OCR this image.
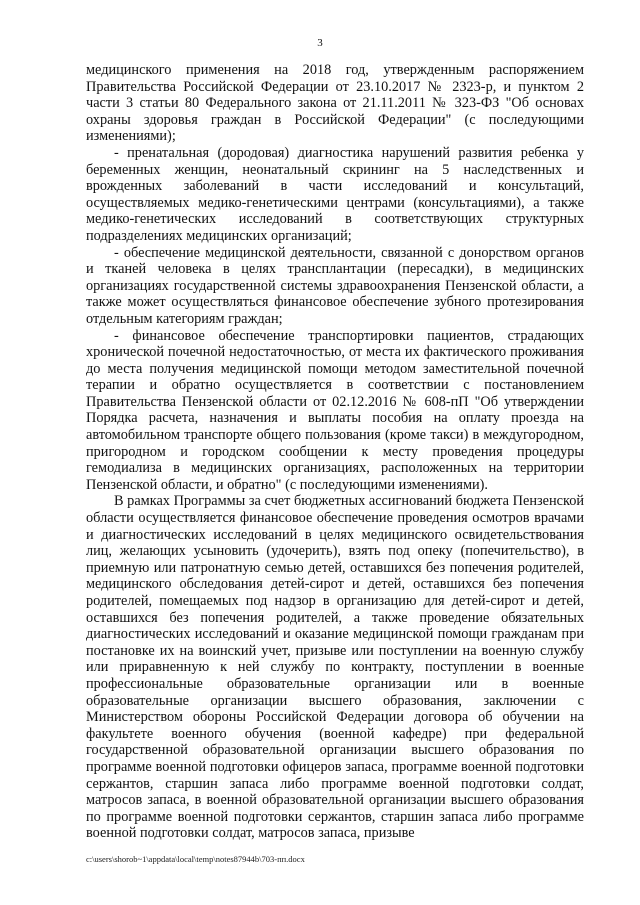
3

медицинского применения на 2018 год, утвержденным распоряжением Правительства Российской Федерации от 23.10.2017 № 2323-р, и пунктом 2 части 3 статьи 80 Федерального закона от 21.11.2011 № 323-ФЗ "Об основах охраны здоровья граждан в Российской Федерации" (с последующими изменениями);

- пренатальная (дородовая) диагностика нарушений развития ребенка у беременных женщин, неонатальный скрининг на 5 наследственных и врожденных заболеваний в части исследований и консультаций, осуществляемых медико-генетическими центрами (консультациями), а также медико-генетических исследований в соответствующих структурных подразделениях медицинских организаций;

- обеспечение медицинской деятельности, связанной с донорством органов и тканей человека в целях трансплантации (пересадки), в медицинских организациях государственной системы здравоохранения Пензенской области, а также может осуществляться финансовое обеспечение зубного протезирования отдельным категориям граждан;

- финансовое обеспечение транспортировки пациентов, страдающих хронической почечной недостаточностью, от места их фактического проживания до места получения медицинской помощи методом заместительной почечной терапии и обратно осуществляется в соответствии с постановлением Правительства Пензенской области от 02.12.2016 № 608-пП "Об утверждении Порядка расчета, назначения и выплаты пособия на оплату проезда на автомобильном транспорте общего пользования (кроме такси) в междугородном, пригородном и городском сообщении к месту проведения процедуры гемодиализа в медицинских организациях, расположенных на территории Пензенской области, и обратно" (с последующими изменениями).

В рамках Программы за счет бюджетных ассигнований бюджета Пензенской области осуществляется финансовое обеспечение проведения осмотров врачами и диагностических исследований в целях медицинского освидетельствования лиц, желающих усыновить (удочерить), взять под опеку (попечительство), в приемную или патронатную семью детей, оставшихся без попечения родителей, медицинского обследования детей-сирот и детей, оставшихся без попечения родителей, помещаемых под надзор в организацию для детей-сирот и детей, оставшихся без попечения родителей, а также проведение обязательных диагностических исследований и оказание медицинской помощи гражданам при постановке их на воинский учет, призыве или поступлении на военную службу или приравненную к ней службу по контракту, поступлении в военные профессиональные образовательные организации или в военные образовательные организации высшего образования, заключении с Министерством обороны Российской Федерации договора об обучении на факультете военного обучения (военной кафедре) при федеральной государственной образовательной организации высшего образования по программе военной подготовки офицеров запаса, программе военной подготовки сержантов, старшин запаса либо программе военной подготовки солдат, матросов запаса, в военной образовательной организации высшего образования по программе военной подготовки сержантов, старшин запаса либо программе военной подготовки солдат, матросов запаса, призыве

c:\users\shorob~1\appdata\local\temp\notes87944b\703-пп.docx
